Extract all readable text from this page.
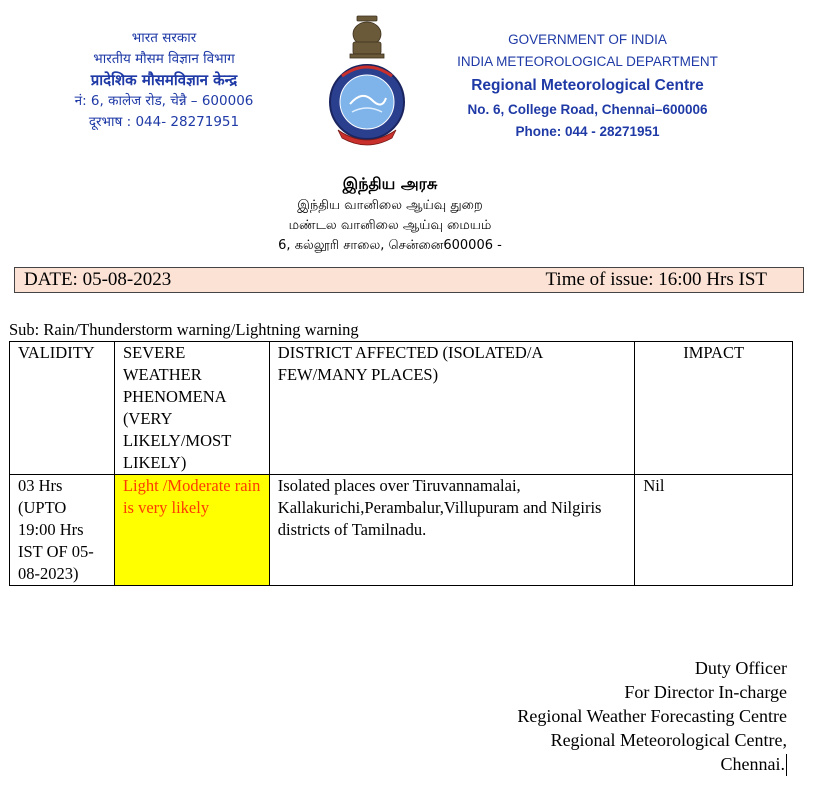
भारत सरकार
भारतीय मौसम विज्ञान विभाग
प्रादेशिक मौसमविज्ञान केन्द्र
नं: 6, कालेज रोड, चेन्नै – 600006
दूरभाष : 044- 28271951
GOVERNMENT OF INDIA
INDIA METEOROLOGICAL DEPARTMENT
Regional Meteorological Centre
No. 6, College Road, Chennai–600006
Phone: 044 - 28271951
இந்திய அரசு
இந்திய வானிலை ஆய்வு துறை
மண்டல வானிலை ஆய்வு மையம்
6, கல்லூரி சாலை, சென்னை600006 -
DATE: 05-08-2023	Time of issue: 16:00 Hrs IST
Sub: Rain/Thunderstorm warning/Lightning warning
VALIDITY	SEVERE WEATHER PHENOMENA (VERY LIKELY/MOST LIKELY)	DISTRICT AFFECTED (ISOLATED/A FEW/MANY PLACES)	IMPACT
03 Hrs (UPTO 19:00 Hrs IST OF 05-08-2023)	Light /Moderate rain is very likely	Isolated places over Tiruvannamalai, Kallakurichi,Perambalur,Villupuram and Nilgiris districts of Tamilnadu.	Nil
Duty Officer
For Director In-charge
Regional Weather Forecasting Centre
Regional Meteorological Centre,
Chennai.
